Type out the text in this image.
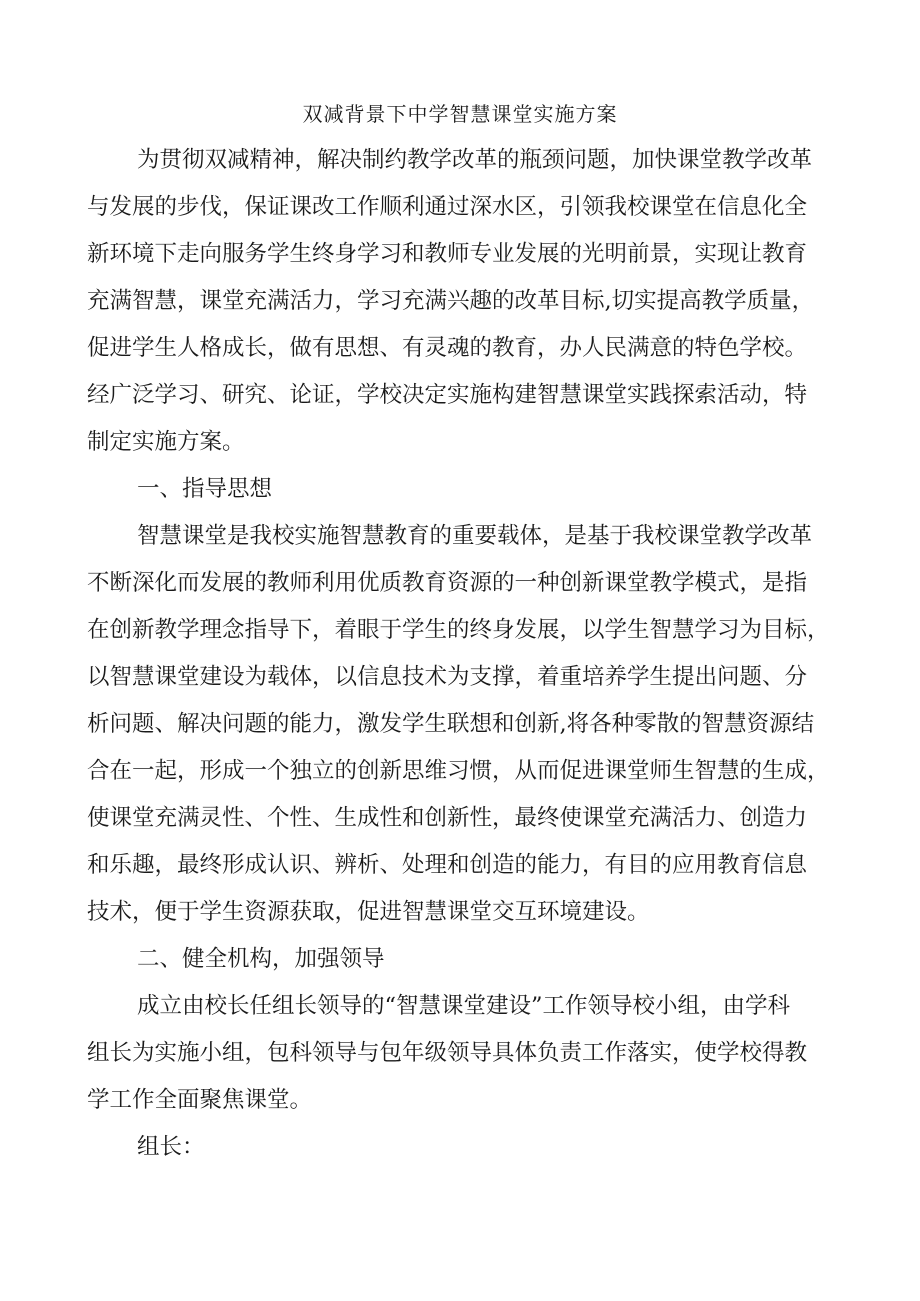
双减背景下中学智慧课堂实施方案

为贯彻双减精神，解决制约教学改革的瓶颈问题，加快课堂教学改革

与发展的步伐，保证课改工作顺利通过深水区，引领我校课堂在信息化全

新环境下走向服务学生终身学习和教师专业发展的光明前景，实现让教育

充满智慧，课堂充满活力，学习充满兴趣的改革目标,切实提高教学质量，

促进学生人格成长，做有思想、有灵魂的教育，办人民满意的特色学校。

经广泛学习、研究、论证，学校决定实施构建智慧课堂实践探索活动，特

制定实施方案。

一、指导思想

智慧课堂是我校实施智慧教育的重要载体，是基于我校课堂教学改革

不断深化而发展的教师利用优质教育资源的一种创新课堂教学模式，是指

在创新教学理念指导下，着眼于学生的终身发展，以学生智慧学习为目标，

以智慧课堂建设为载体，以信息技术为支撑，着重培养学生提出问题、分

析问题、解决问题的能力，激发学生联想和创新,将各种零散的智慧资源结

合在一起，形成一个独立的创新思维习惯，从而促进课堂师生智慧的生成，

使课堂充满灵性、个性、生成性和创新性，最终使课堂充满活力、创造力

和乐趣，最终形成认识、辨析、处理和创造的能力，有目的应用教育信息

技术，便于学生资源获取，促进智慧课堂交互环境建设。

二、健全机构，加强领导

成立由校长任组长领导的“智慧课堂建设”工作领导校小组，由学科

组长为实施小组，包科领导与包年级领导具体负责工作落实，使学校得教

学工作全面聚焦课堂。

组长：
